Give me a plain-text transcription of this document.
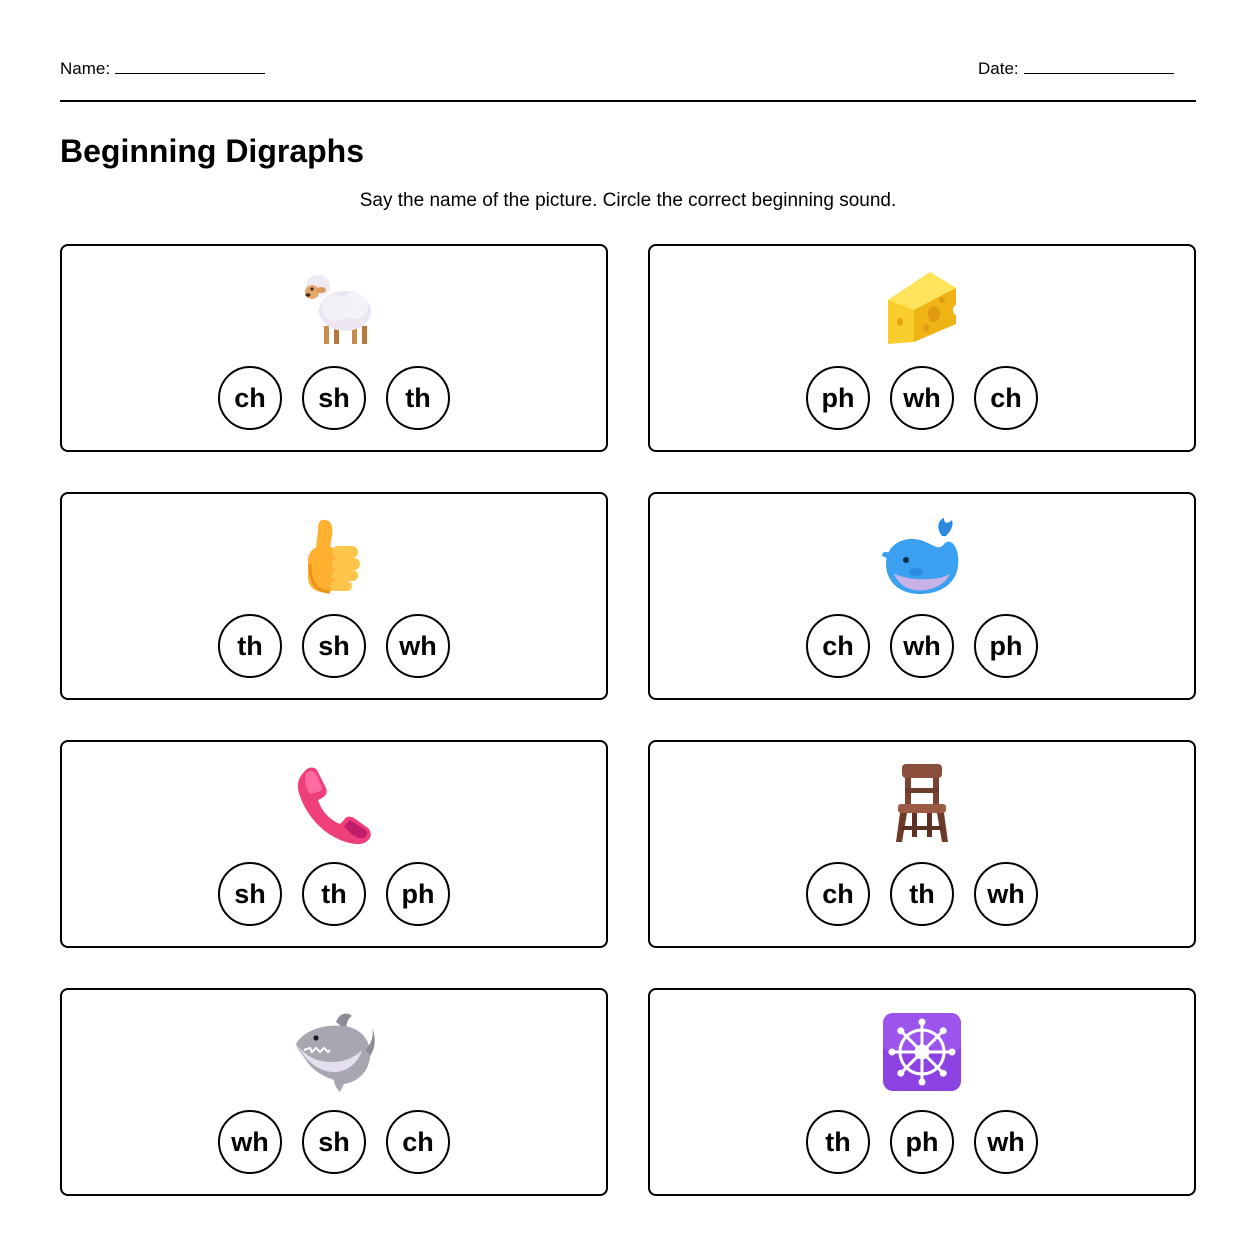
Name:	Date:
Beginning Digraphs

Say the name of the picture. Circle the correct beginning sound.

ch	sh	th	ph	wh	ch
th	sh	wh	ch	wh	ph
sh	th	ph	ch	th	wh
wh	sh	ch	th	ph	wh
